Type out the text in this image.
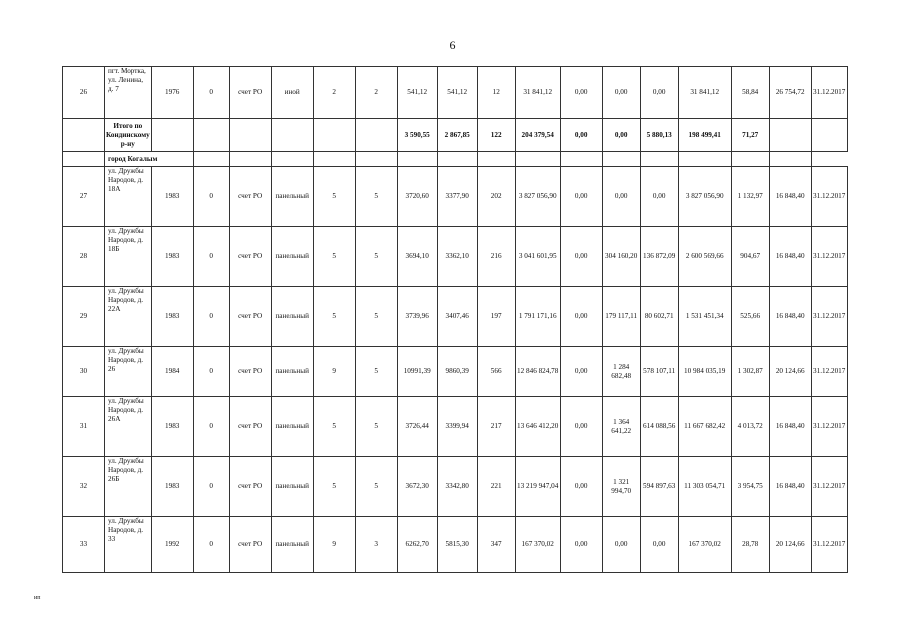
6
26	пгт. Мортка, ул. Ленина, д. 7	1976	0	счет РО	иной	2	2	541,12	541,12	12	31 841,12	0,00	0,00	0,00	31 841,12	58,84	26 754,72	31.12.2017
	Итого по Кондинскому р-ну							3 590,55	2 867,85	122	204 379,54	0,00	0,00	5 880,13	198 499,41	71,27		
	город Когалым																	
27	ул. Дружбы Народов, д. 18А	1983	0	счет РО	панельный	5	5	3720,60	3377,90	202	3 827 056,90	0,00	0,00	0,00	3 827 056,90	1 132,97	16 848,40	31.12.2017
28	ул. Дружбы Народов, д. 18Б	1983	0	счет РО	панельный	5	5	3694,10	3362,10	216	3 041 601,95	0,00	304 160,20	136 872,09	2 600 569,66	904,67	16 848,40	31.12.2017
29	ул. Дружбы Народов, д. 22А	1983	0	счет РО	панельный	5	5	3739,96	3407,46	197	1 791 171,16	0,00	179 117,11	80 602,71	1 531 451,34	525,66	16 848,40	31.12.2017
30	ул. Дружбы Народов, д. 26	1984	0	счет РО	панельный	9	5	10991,39	9860,39	566	12 846 824,78	0,00	1 284 682,48	578 107,11	10 984 035,19	1 302,87	20 124,66	31.12.2017
31	ул. Дружбы Народов, д. 26А	1983	0	счет РО	панельный	5	5	3726,44	3399,94	217	13 646 412,20	0,00	1 364 641,22	614 088,56	11 667 682,42	4 013,72	16 848,40	31.12.2017
32	ул. Дружбы Народов, д. 26Б	1983	0	счет РО	панельный	5	5	3672,30	3342,80	221	13 219 947,04	0,00	1 321 994,70	594 897,63	11 303 054,71	3 954,75	16 848,40	31.12.2017
33	ул. Дружбы Народов, д. 33	1992	0	счет РО	панельный	9	3	6262,70	5815,30	347	167 370,02	0,00	0,00	0,00	167 370,02	28,78	20 124,66	31.12.2017
ип
